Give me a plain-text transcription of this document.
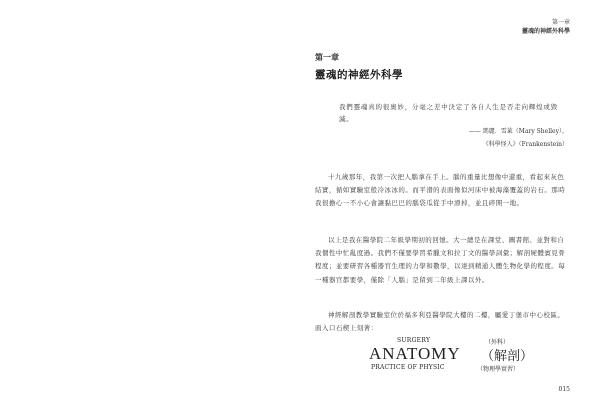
第一章
靈魂的神經外科學
第一章
靈魂的神經外科學
我們靈魂真的很奧妙，分毫之差中決定了各自人生是否走向輝煌或毀滅。
—— 瑪麗．雪萊（Mary Shelley），
《科學怪人》（Frankenstein）

十九歲那年，我第一次把人腦拿在手上。腦的重量比想像中還重，看起來灰色結實，循如實驗室般冷冰冰的。而平滑的表面像似河床中被海藻覆蓋的岩石。那時我很擔心一不小心會讓黏巴巴的腦袋瓜從手中滑掉，並且碎開一地。

以上是我在醫學院二年級學期初的回憶。大一總是在課堂、圖書館、並對和自我個性中忙亂度過。我們不僅要學習希臘文和拉丁文的醫學詞彙；解剖屍體賓見骨程度；並要研習各種器官生理的力學和數學，以達到精通人體生物化學的程度。每一種器官都要學，僅除「人腦」是留到二年級上課以外。

神經解剖教學實驗室位於福多利亞醫學院大樓的二樓，屬愛丁堡市中心校區。面入口石楔上刻著：

SURGERY	（外科）
ANATOMY （解剖）
PRACTICE OF PHYSIC	（物理學實習）
015
